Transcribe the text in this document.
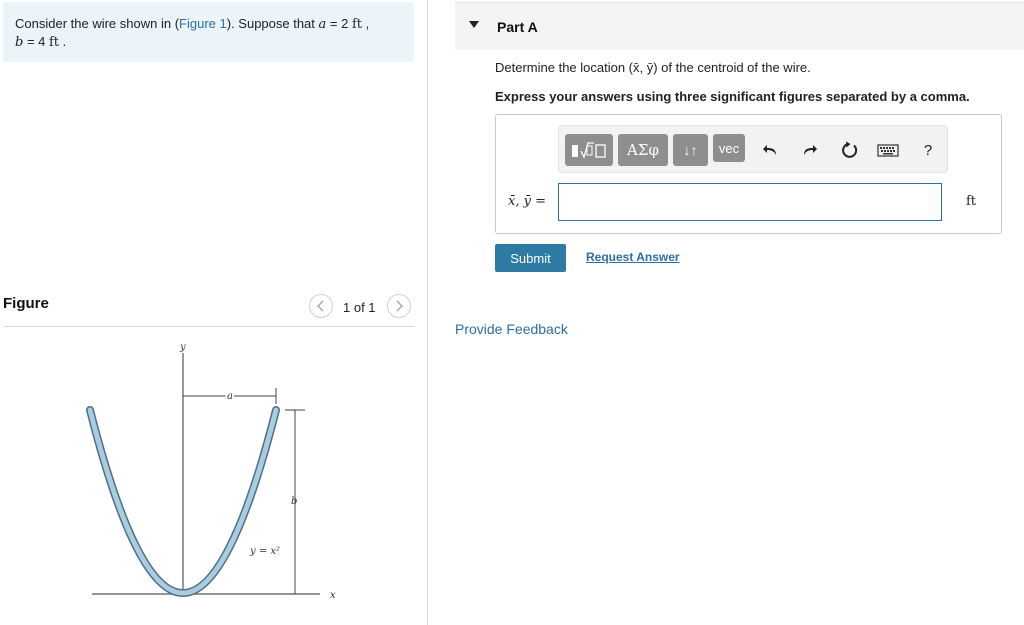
Consider the wire shown in (Figure 1). Suppose that a = 2 ft ,
b = 4 ft .
Figure	1 of 1
y
x
a
b
y = x²
Part A
Determine the location (x̄, ȳ) of the centroid of the wire.
Express your answers using three significant figures separated by a comma.
ΑΣφ	↓↑	vec	?
x̄, ȳ =	ft
Submit	Request Answer
Provide Feedback
